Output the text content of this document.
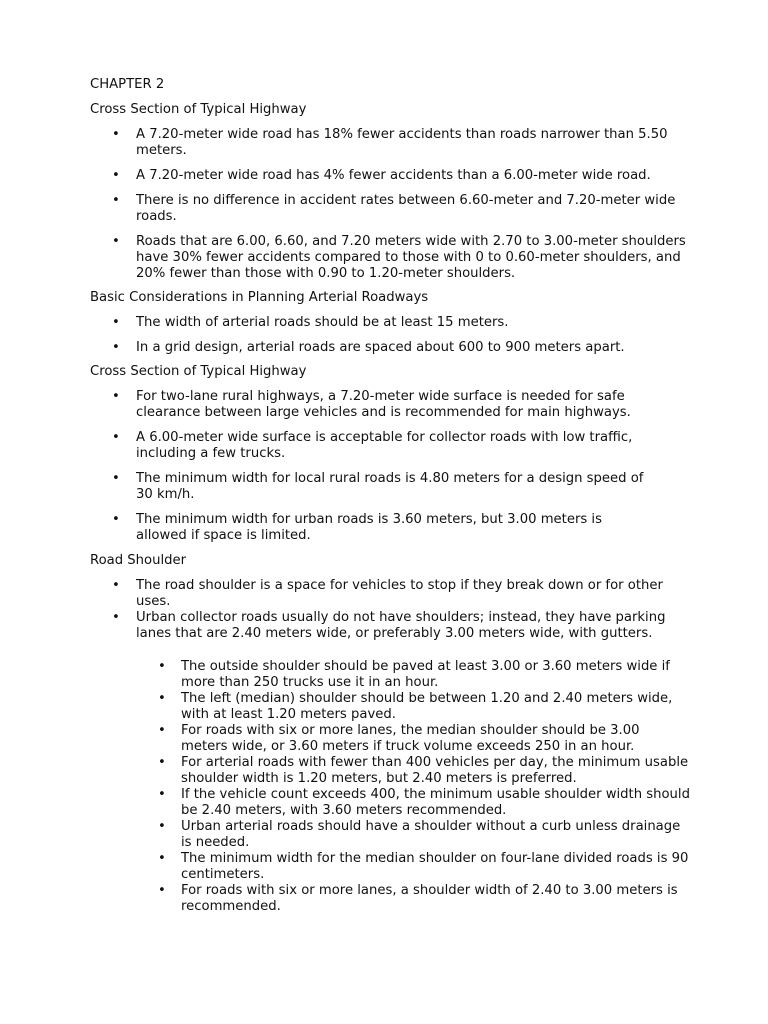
CHAPTER 2

Cross Section of Typical Highway

• A 7.20-meter wide road has 18% fewer accidents than roads narrower than 5.50 meters.
• A 7.20-meter wide road has 4% fewer accidents than a 6.00-meter wide road.
• There is no difference in accident rates between 6.60-meter and 7.20-meter wide roads.
• Roads that are 6.00, 6.60, and 7.20 meters wide with 2.70 to 3.00-meter shoulders have 30% fewer accidents compared to those with 0 to 0.60-meter shoulders, and 20% fewer than those with 0.90 to 1.20-meter shoulders.

Basic Considerations in Planning Arterial Roadways

• The width of arterial roads should be at least 15 meters.
• In a grid design, arterial roads are spaced about 600 to 900 meters apart.

Cross Section of Typical Highway

• For two-lane rural highways, a 7.20-meter wide surface is needed for safe clearance between large vehicles and is recommended for main highways.
• A 6.00-meter wide surface is acceptable for collector roads with low traffic, including a few trucks.
• The minimum width for local rural roads is 4.80 meters for a design speed of 30 km/h.
• The minimum width for urban roads is 3.60 meters, but 3.00 meters is allowed if space is limited.

Road Shoulder

• The road shoulder is a space for vehicles to stop if they break down or for other uses.
• Urban collector roads usually do not have shoulders; instead, they have parking lanes that are 2.40 meters wide, or preferably 3.00 meters wide, with gutters.
• The outside shoulder should be paved at least 3.00 or 3.60 meters wide if more than 250 trucks use it in an hour.
• The left (median) shoulder should be between 1.20 and 2.40 meters wide, with at least 1.20 meters paved.
• For roads with six or more lanes, the median shoulder should be 3.00 meters wide, or 3.60 meters if truck volume exceeds 250 in an hour.
• For arterial roads with fewer than 400 vehicles per day, the minimum usable shoulder width is 1.20 meters, but 2.40 meters is preferred.
• If the vehicle count exceeds 400, the minimum usable shoulder width should be 2.40 meters, with 3.60 meters recommended.
• Urban arterial roads should have a shoulder without a curb unless drainage is needed.
• The minimum width for the median shoulder on four-lane divided roads is 90 centimeters.
• For roads with six or more lanes, a shoulder width of 2.40 to 3.00 meters is recommended.
